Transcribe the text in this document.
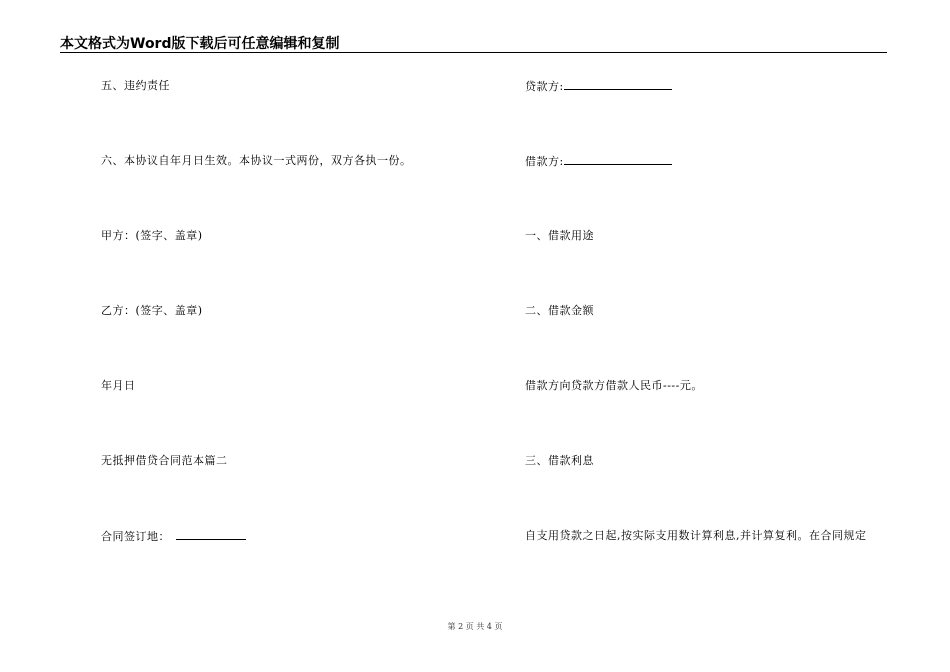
本文格式为Word版下载后可任意编辑和复制
五、违约责任
六、本协议自年月日生效。本协议一式两份，双方各执一份。
甲方：(签字、盖章)
乙方：(签字、盖章)
年月日
无抵押借贷合同范本篇二
合同签订地：
贷款方:
借款方:
一、借款用途
二、借款金额
借款方向贷款方借款人民币----元。
三、借款利息
自支用贷款之日起,按实际支用数计算利息,并计算复利。在合同规定
第 2 页 共 4 页
